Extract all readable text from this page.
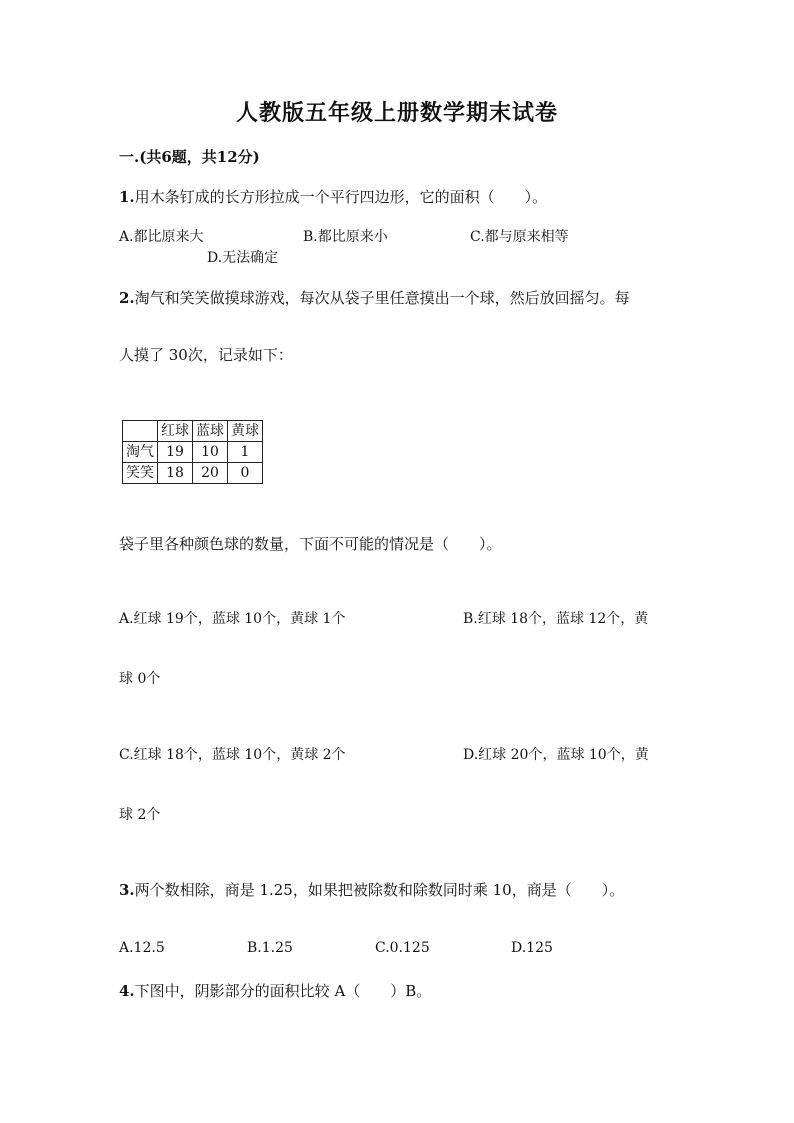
人教版五年级上册数学期末试卷
一.(共6题，共12分)
1.用木条钉成的长方形拉成一个平行四边形，它的面积（　　）。
A.都比原来大	B.都比原来小	C.都与原来相等
D.无法确定
2.淘气和笑笑做摸球游戏，每次从袋子里任意摸出一个球，然后放回摇匀。每
人摸了 30次，记录如下：
	红球	蓝球	黄球
淘气	19	10	1
笑笑	18	20	0
袋子里各种颜色球的数量，下面不可能的情况是（　　）。
A.红球 19个，蓝球 10个，黄球 1个	B.红球 18个，蓝球 12个，黄
球 0个
C.红球 18个，蓝球 10个，黄球 2个	D.红球 20个，蓝球 10个，黄
球 2个
3.两个数相除，商是 1.25，如果把被除数和除数同时乘 10，商是（　　）。
A.12.5	B.1.25	C.0.125	D.125
4.下图中，阴影部分的面积比较 A（　　）B。
